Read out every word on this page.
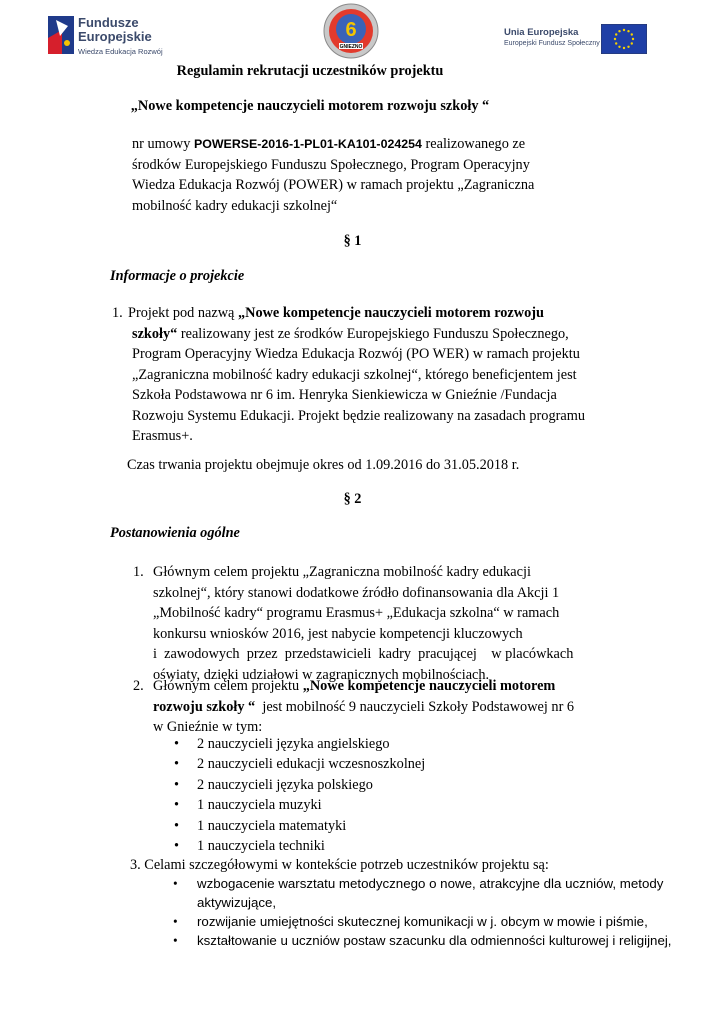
Fundusze
Europejskie
Wiedza Edukacja Rozwój
6
GNIEZNO
Unia Europejska
Europejski Fundusz Społeczny
Regulamin rekrutacji uczestników projektu
„Nowe kompetencje nauczycieli motorem rozwoju szkoły “
nr umowy POWERSE-2016-1-PL01-KA101-024254 realizowanego ze
środków Europejskiego Funduszu Społecznego, Program Operacyjny
Wiedza Edukacja Rozwój (POWER) w ramach projektu „Zagraniczna
mobilność kadry edukacji szkolnej“
§ 1
Informacje o projekcie
1. Projekt pod nazwą „Nowe kompetencje nauczycieli motorem rozwoju
szkoły“ realizowany jest ze środków Europejskiego Funduszu Społecznego,
Program Operacyjny Wiedza Edukacja Rozwój (PO WER) w ramach projektu
„Zagraniczna mobilność kadry edukacji szkolnej“, którego beneficjentem jest
Szkoła Podstawowa nr 6 im. Henryka Sienkiewicza w Gnieźnie /Fundacja
Rozwoju Systemu Edukacji. Projekt będzie realizowany na zasadach programu
Erasmus+.
Czas trwania projektu obejmuje okres od 1.09.2016 do 31.05.2018 r.
§ 2
Postanowienia ogólne
1. Głównym celem projektu „Zagraniczna mobilność kadry edukacji
szkolnej“, który stanowi dodatkowe źródło dofinansowania dla Akcji 1
„Mobilność kadry“ programu Erasmus+ „Edukacja szkolna“ w ramach
konkursu wniosków 2016, jest nabycie kompetencji kluczowych
i  zawodowych  przez  przedstawicieli  kadry  pracującej    w placówkach
oświaty, dzięki udziałowi w zagranicznych mobilnościach.
2. Głównym celem projektu „Nowe kompetencje nauczycieli motorem
rozwoju szkoły “  jest mobilność 9 nauczycieli Szkoły Podstawowej nr 6
w Gnieźnie w tym:
2 nauczycieli języka angielskiego
2 nauczycieli edukacji wczesnoszkolnej
2 nauczycieli języka polskiego
1 nauczyciela muzyki
1 nauczyciela matematyki
1 nauczyciela techniki
3. Celami szczegółowymi w kontekście potrzeb uczestników projektu są:
• wzbogacenie warsztatu metodycznego o nowe, atrakcyjne dla uczniów, metody
aktywizujące,
• rozwijanie umiejętności skutecznej komunikacji w j. obcym w mowie i piśmie,
• kształtowanie u uczniów postaw szacunku dla odmienności kulturowej i religijnej,
